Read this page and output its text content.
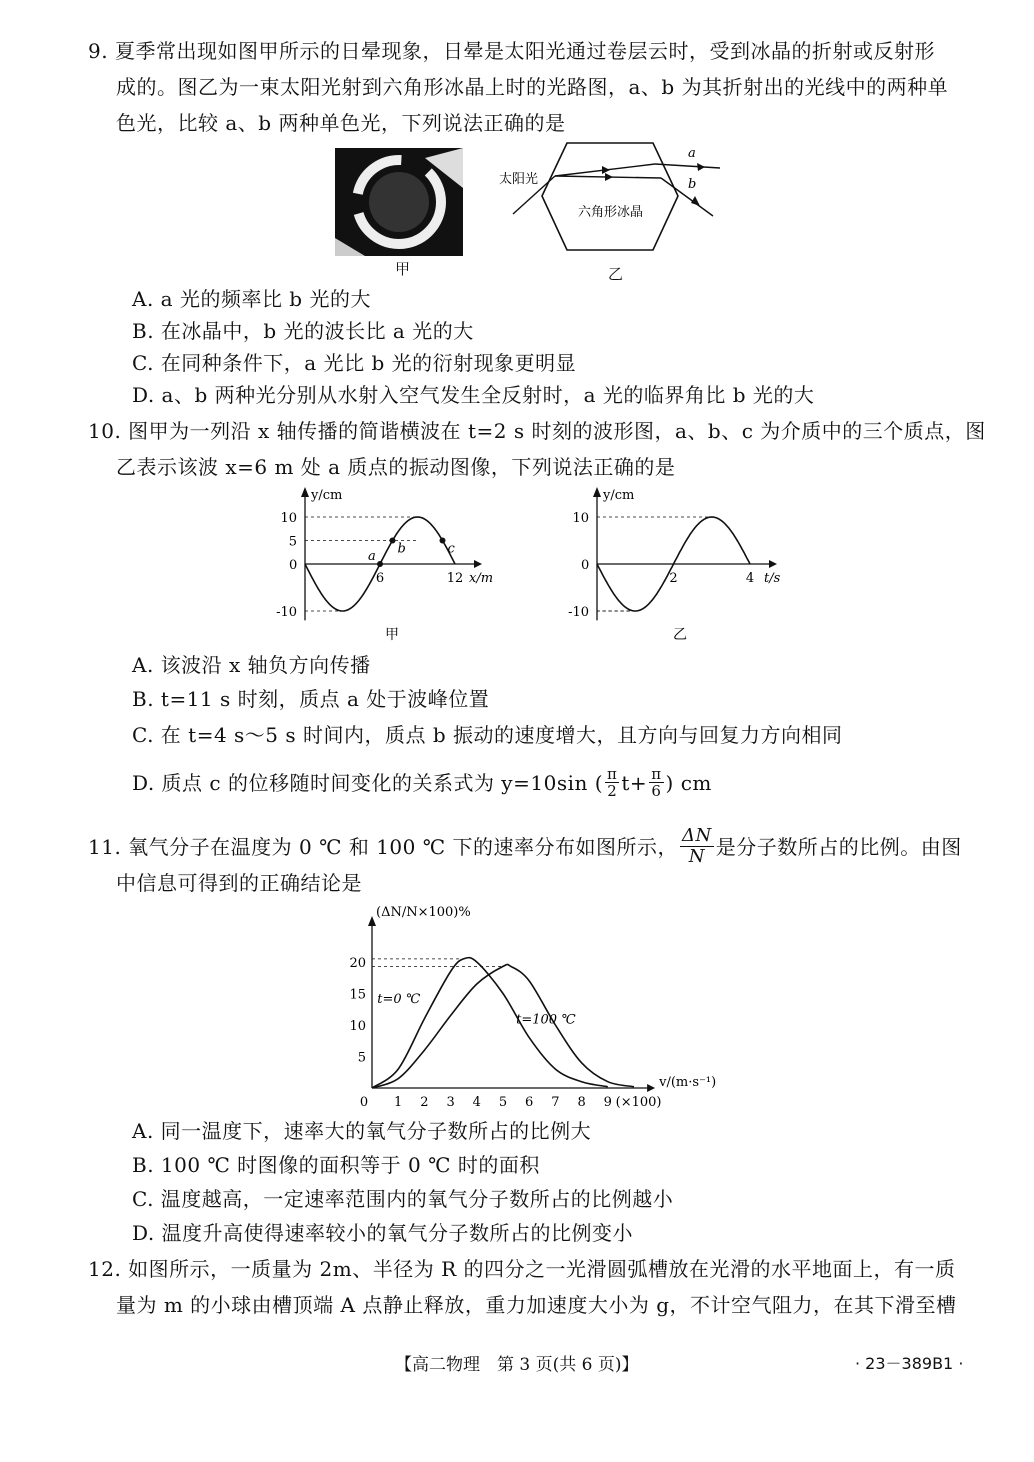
9. 夏季常出现如图甲所示的日晕现象，日晕是太阳光通过卷层云时，受到冰晶的折射或反射形
成的。图乙为一束太阳光射到六角形冰晶上时的光路图，a、b 为其折射出的光线中的两种单
色光，比较 a、b 两种单色光，下列说法正确的是
甲
太阳光
六角形冰晶
a
b
乙
A. a 光的频率比 b 光的大
B. 在冰晶中，b 光的波长比 a 光的大
C. 在同种条件下，a 光比 b 光的衍射现象更明显
D. a、b 两种光分别从水射入空气发生全反射时，a 光的临界角比 b 光的大
10. 图甲为一列沿 x 轴传播的简谐横波在 t=2 s 时刻的波形图，a、b、c 为介质中的三个质点，图
乙表示该波 x=6 m 处 a 质点的振动图像，下列说法正确的是
y/cm
x/m
0
-10
5
10
6	12
甲
a b	c
y/cm
t/s
0
-10
10
2	4
乙
A. 该波沿 x 轴负方向传播
B. t=11 s 时刻，质点 a 处于波峰位置
C. 在 t=4 s～5 s 时间内，质点 b 振动的速度增大，且方向与回复力方向相同
D. 质点 c 的位移随时间变化的关系式为 y=10sin ( $\frac{\pi}{2} t+ \frac{\pi}{6}$ ) cm
11. 氧气分子在温度为 0 ℃ 和 100 ℃ 下的速率分布如图所示， $\frac{\Delta N}{N}$ 是分子数所占的比例。由图
中信息可得到的正确结论是
(ΔN/N×100)%
v/(m·s⁻¹)
(×100)
0 1 2 3 4 5 6 7 8 9
5
10
15
20
t=0 ℃
t=100 ℃
A. 同一温度下，速率大的氧气分子数所占的比例大
B. 100 ℃ 时图像的面积等于 0 ℃ 时的面积
C. 温度越高，一定速率范围内的氧气分子数所占的比例越小
D. 温度升高使得速率较小的氧气分子数所占的比例变小
12. 如图所示，一质量为 2m、半径为 R 的四分之一光滑圆弧槽放在光滑的水平地面上，有一质
量为 m 的小球由槽顶端 A 点静止释放，重力加速度大小为 g，不计空气阻力，在其下滑至槽
【高二物理　第 3 页(共 6 页)】	· 23－389B1 ·
